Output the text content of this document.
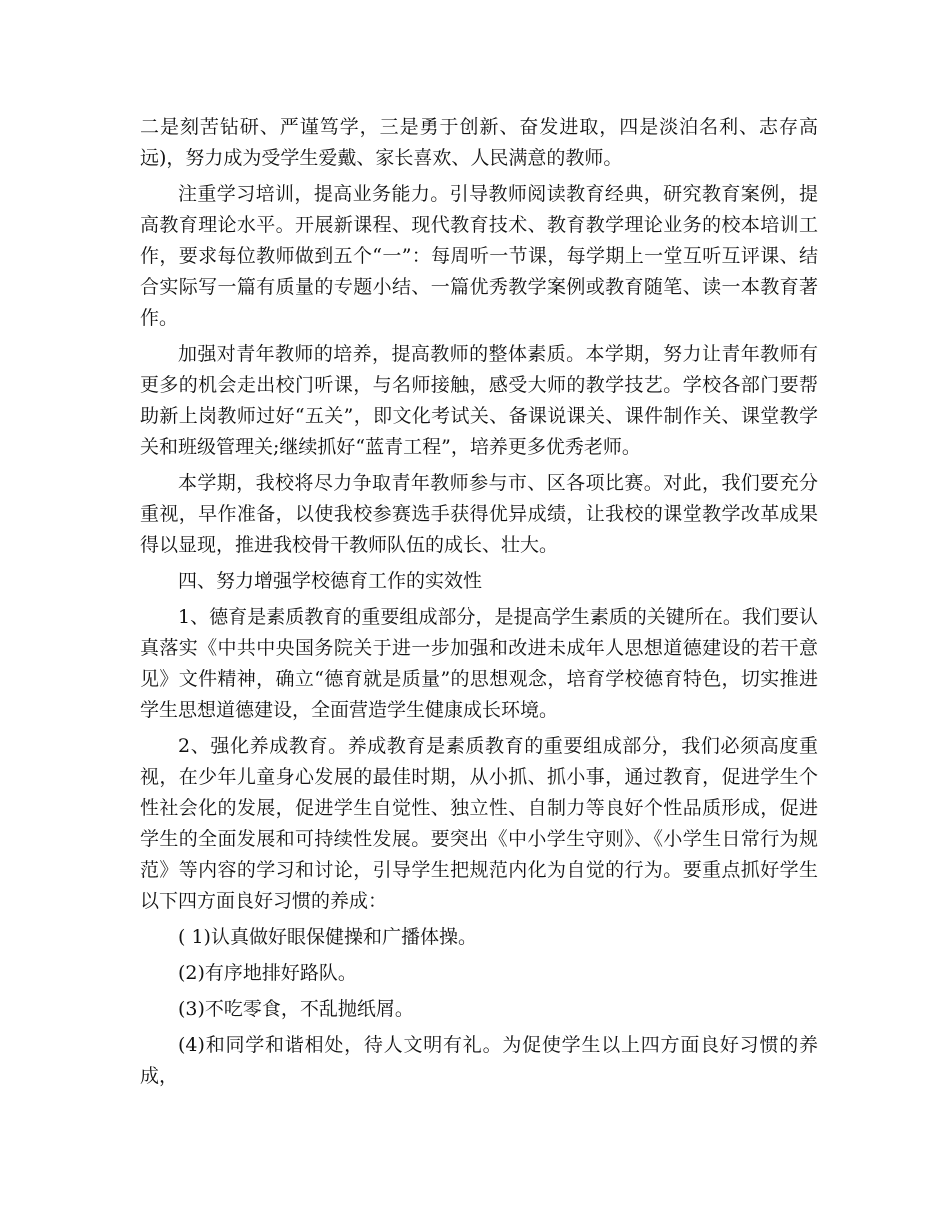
二是刻苦钻研、严谨笃学，三是勇于创新、奋发进取，四是淡泊名利、志存高远)，努力成为受学生爱戴、家长喜欢、人民满意的教师。

注重学习培训，提高业务能力。引导教师阅读教育经典，研究教育案例，提高教育理论水平。开展新课程、现代教育技术、教育教学理论业务的校本培训工作，要求每位教师做到五个“一”：每周听一节课，每学期上一堂互听互评课、结合实际写一篇有质量的专题小结、一篇优秀教学案例或教育随笔、读一本教育著作。

加强对青年教师的培养，提高教师的整体素质。本学期，努力让青年教师有更多的机会走出校门听课，与名师接触，感受大师的教学技艺。学校各部门要帮助新上岗教师过好“五关”，即文化考试关、备课说课关、课件制作关、课堂教学关和班级管理关;继续抓好“蓝青工程”，培养更多优秀老师。

本学期，我校将尽力争取青年教师参与市、区各项比赛。对此，我们要充分重视，早作准备，以使我校参赛选手获得优异成绩，让我校的课堂教学改革成果得以显现，推进我校骨干教师队伍的成长、壮大。

四、努力增强学校德育工作的实效性

1、德育是素质教育的重要组成部分，是提高学生素质的关键所在。我们要认真落实《中共中央国务院关于进一步加强和改进未成年人思想道德建设的若干意见》文件精神，确立“德育就是质量”的思想观念，培育学校德育特色，切实推进学生思想道德建设，全面营造学生健康成长环境。

2、强化养成教育。养成教育是素质教育的重要组成部分，我们必须高度重视，在少年儿童身心发展的最佳时期，从小抓、抓小事，通过教育，促进学生个性社会化的发展，促进学生自觉性、独立性、自制力等良好个性品质形成，促进学生的全面发展和可持续性发展。要突出《中小学生守则》、《小学生日常行为规范》等内容的学习和讨论，引导学生把规范内化为自觉的行为。要重点抓好学生以下四方面良好习惯的养成：

( 1)认真做好眼保健操和广播体操。

(2)有序地排好路队。

(3)不吃零食，不乱抛纸屑。

(4)和同学和谐相处，待人文明有礼。为促使学生以上四方面良好习惯的养成，
